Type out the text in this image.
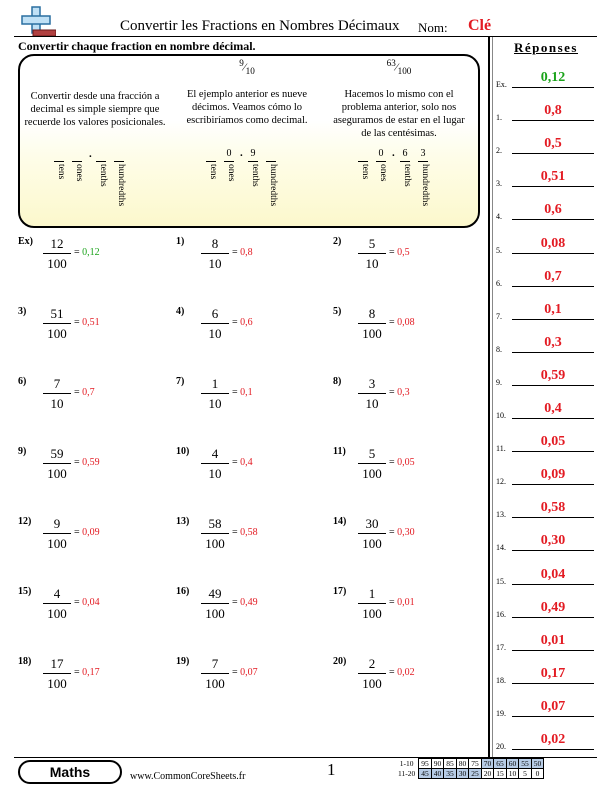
Convertir les Fractions en Nombres Décimaux Nom: Clé
Convertir chaque fraction en nombre décimal.
Convertir desde una fracción a decimal es simple siempre que recuerde los valores posicionales.
.
tens ones tenths hundredths
$^9⁄_{10}$
El ejemplo anterior es nueve décimos. Veamos cómo lo escribiríamos como decimal.
0 . 9
tens ones tenths hundredths
$^{63}⁄_{100}$
Hacemos lo mismo con el problema anterior, solo nos aseguramos de estar en el lugar de las centésimas.
0 . 6 3
tens ones tenths hundredths
Ex)	12
100
= 0,12
1)	8
10
= 0,8
2)	5
10
= 0,5
3)	51
100
= 0,51
4)	6
10
= 0,6
5)	8
100
= 0,08
6)	7
10
= 0,7
7)	1
10
= 0,1
8)	3
10
= 0,3
9)	59
100
= 0,59
10)	4
10
= 0,4
11)	5
100
= 0,05
12)	9
100
= 0,09
13)	58
100
= 0,58
14)	30
100
= 0,30
15)	4
100
= 0,04
16)	49
100
= 0,49
17)	1
100
= 0,01
18)	17
100
= 0,17
19)	7
100
= 0,07
20)	2
100
= 0,02
Réponses
Ex.	0,12
1.	0,8
2.	0,5
3.	0,51
4.	0,6
5.	0,08
6.	0,7
7.	0,1
8.	0,3
9.	0,59
10.	0,4
11.	0,05
12.	0,09
13.	0,58
14.	0,30
15.	0,04
16.	0,49
17.	0,01
18.	0,17
19.	0,07
20.	0,02
Maths	www.CommonCoreSheets.fr	1	1-10	95	90	85	80	75	70	65	60	55	50
11-20	45	40	35	30	25	20	15	10	5	0
